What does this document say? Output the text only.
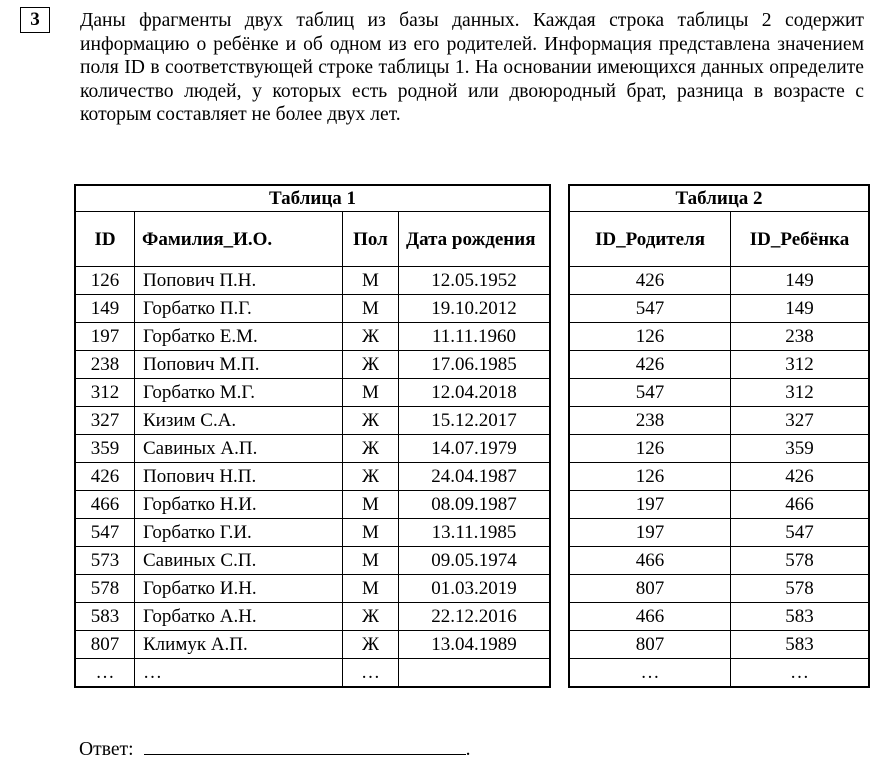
3	Даны фрагменты двух таблиц из базы данных. Каждая строка таблицы 2 содержит информацию о ребёнке и об одном из его родителей. Информация представлена значением поля ID в соответствующей строке таблицы 1. На основании имеющихся данных определите количество людей, у которых есть родной или двоюродный брат, разница в возрасте с которым составляет не более двух лет.

Таблица 1			
ID	Фамилия_И.О.	Пол	Дата рождения
126	Попович П.Н.	М	12.05.1952
149	Горбатко П.Г.	М	19.10.2012
197	Горбатко Е.М.	Ж	11.11.1960
238	Попович М.П.	Ж	17.06.1985
312	Горбатко М.Г.	М	12.04.2018
327	Кизим С.А.	Ж	15.12.2017
359	Савиных А.П.	Ж	14.07.1979
426	Попович Н.П.	Ж	24.04.1987
466	Горбатко Н.И.	М	08.09.1987
547	Горбатко Г.И.	М	13.11.1985
573	Савиных С.П.	М	09.05.1974
578	Горбатко И.Н.	М	01.03.2019
583	Горбатко А.Н.	Ж	22.12.2016
807	Климук А.П.	Ж	13.04.1989
…	…	…	
Таблица 2	
ID_Родителя	ID_Ребёнка
426	149
547	149
126	238
426	312
547	312
238	327
126	359
126	426
197	466
197	547
466	578
807	578
466	583
807	583
…	…
Ответ:	.
